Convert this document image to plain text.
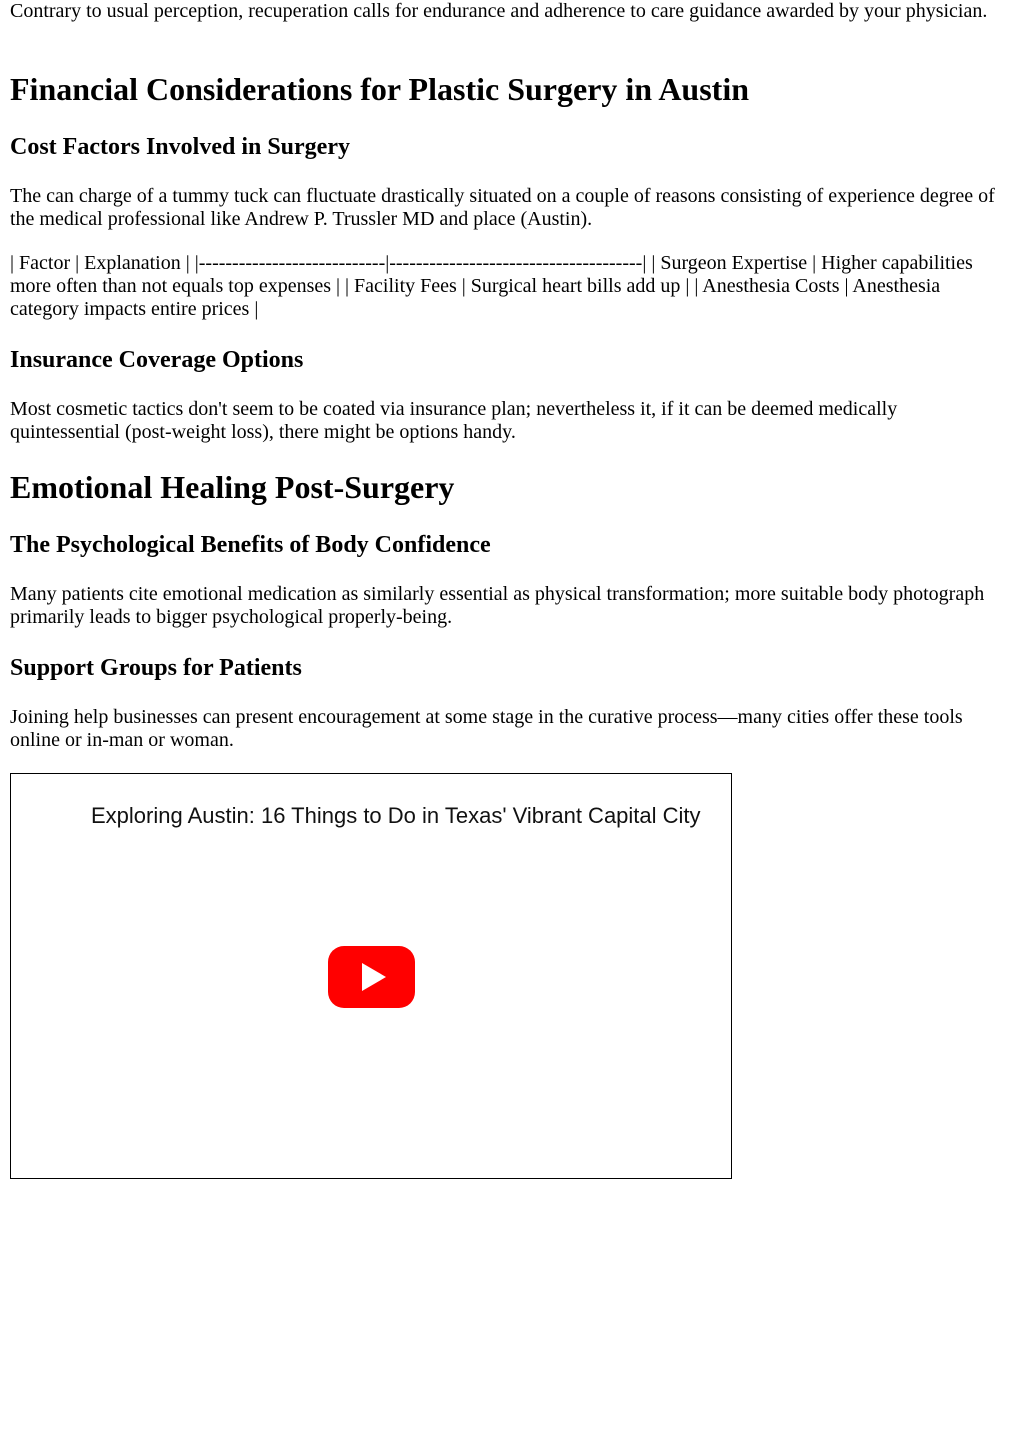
Contrary to usual perception, recuperation calls for endurance and adherence to care guidance awarded by your physician.

Financial Considerations for Plastic Surgery in Austin
Cost Factors Involved in Surgery

The can charge of a tummy tuck can fluctuate drastically situated on a couple of reasons consisting of experience degree of the medical professional like Andrew P. Trussler MD and place (Austin).

| Factor | Explanation | |----------------------------|--------------------------------------| | Surgeon Expertise | Higher capabilities more often than not equals top expenses | | Facility Fees | Surgical heart bills add up | | Anesthesia Costs | Anesthesia category impacts entire prices |

Insurance Coverage Options

Most cosmetic tactics don't seem to be coated via insurance plan; nevertheless it, if it can be deemed medically quintessential (post-weight loss), there might be options handy.

Emotional Healing Post-Surgery
The Psychological Benefits of Body Confidence

Many patients cite emotional medication as similarly essential as physical transformation; more suitable body photograph primarily leads to bigger psychological properly-being.

Support Groups for Patients

Joining help businesses can present encouragement at some stage in the curative process—many cities offer these tools online or in-man or woman.

Exploring Austin: 16 Things to Do in Texas' Vibrant Capital City
